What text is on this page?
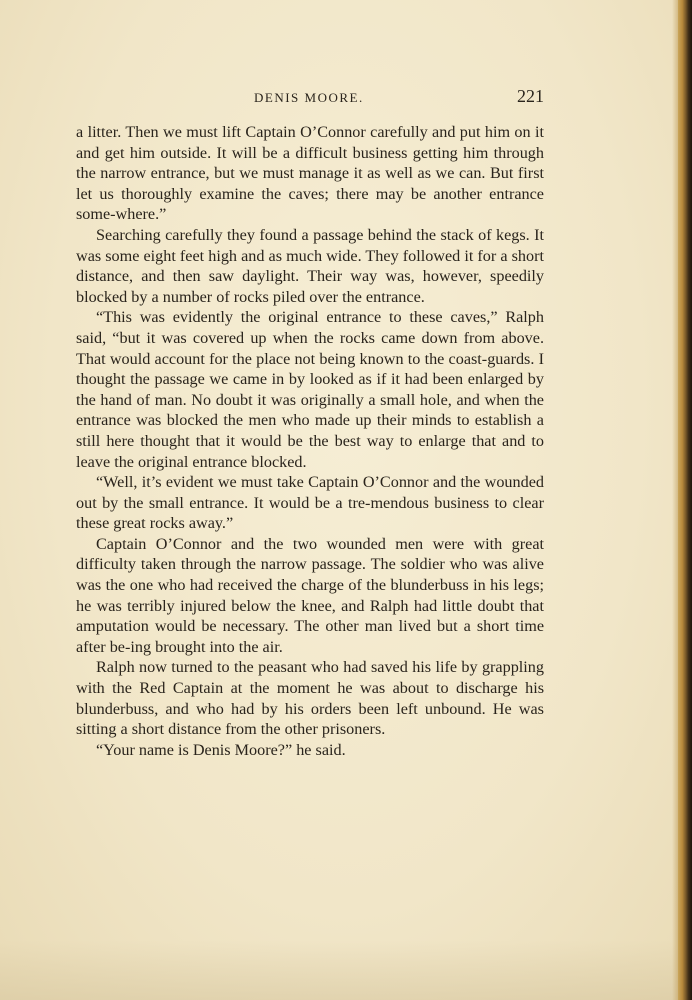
DENIS MOORE.	221

a litter. Then we must lift Captain O’Connor carefully and put him on it and get him outside. It will be a difficult business getting him through the narrow entrance, but we must manage it as well as we can. But first let us thoroughly examine the caves; there may be another entrance some-where.”

Searching carefully they found a passage behind the stack of kegs. It was some eight feet high and as much wide. They followed it for a short distance, and then saw daylight. Their way was, however, speedily blocked by a number of rocks piled over the entrance.

“This was evidently the original entrance to these caves,” Ralph said, “but it was covered up when the rocks came down from above. That would account for the place not being known to the coast-guards. I thought the passage we came in by looked as if it had been enlarged by the hand of man. No doubt it was originally a small hole, and when the entrance was blocked the men who made up their minds to establish a still here thought that it would be the best way to enlarge that and to leave the original entrance blocked.

“Well, it’s evident we must take Captain O’Connor and the wounded out by the small entrance. It would be a tre-mendous business to clear these great rocks away.”

Captain O’Connor and the two wounded men were with great difficulty taken through the narrow passage. The soldier who was alive was the one who had received the charge of the blunderbuss in his legs; he was terribly injured below the knee, and Ralph had little doubt that amputation would be necessary. The other man lived but a short time after be-ing brought into the air.

Ralph now turned to the peasant who had saved his life by grappling with the Red Captain at the moment he was about to discharge his blunderbuss, and who had by his orders been left unbound. He was sitting a short distance from the other prisoners.

“Your name is Denis Moore?” he said.
